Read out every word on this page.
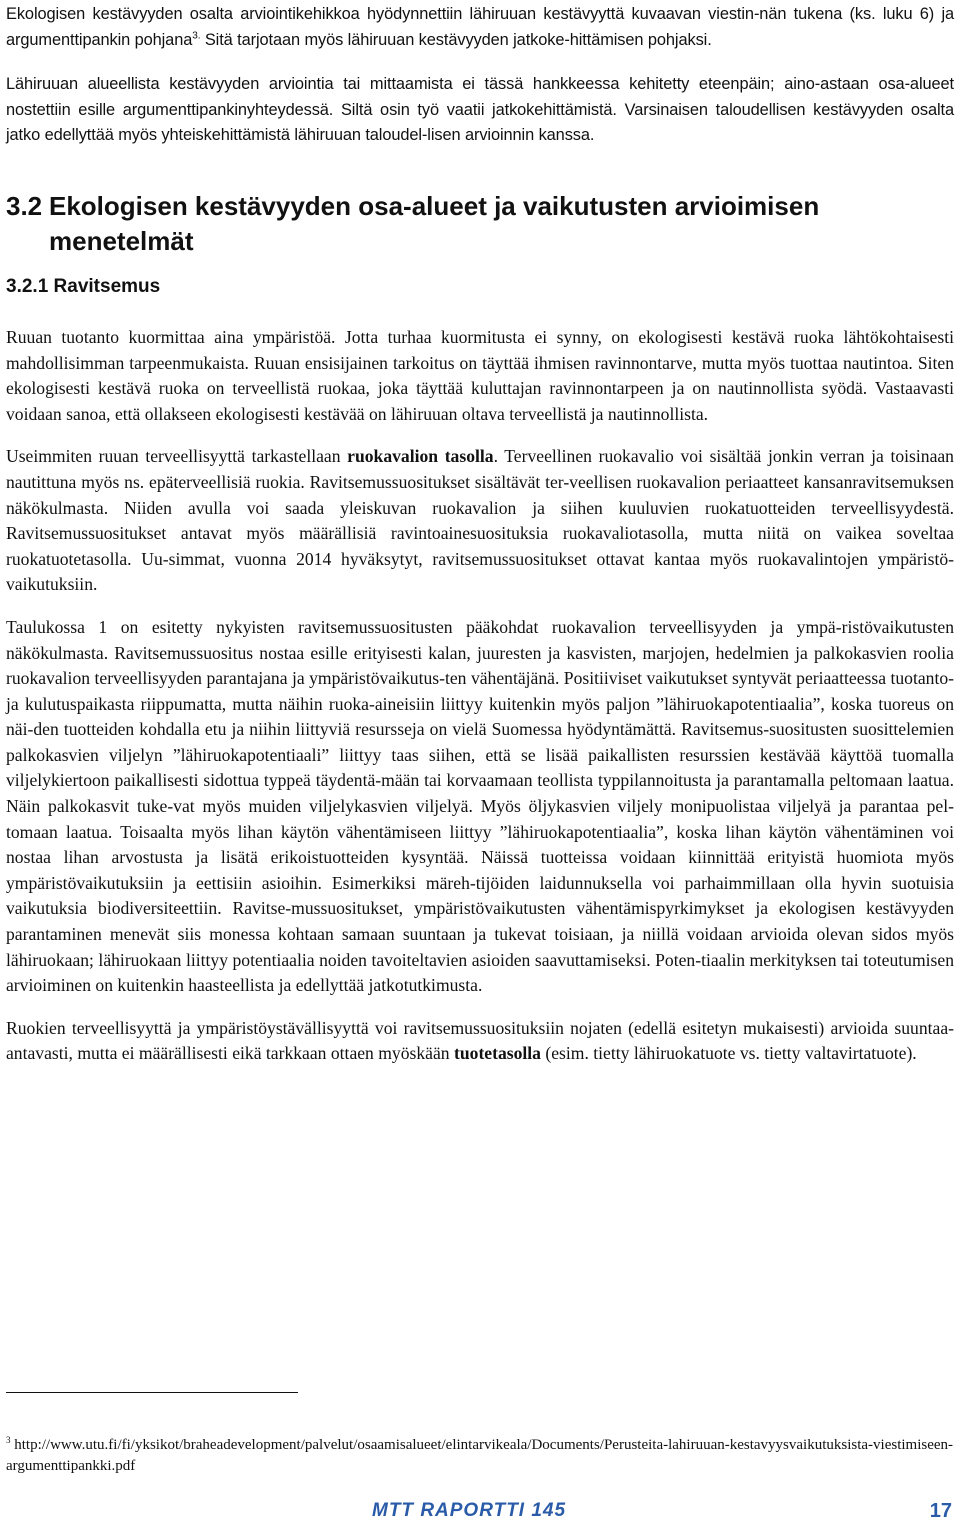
Ekologisen kestävyyden osalta arviointikehikkoa hyödynnettiin lähiruuan kestävyyttä kuvaavan viestin-nän tukena (ks. luku 6) ja argumenttipankin pohjana$^{3.}$ Sitä tarjotaan myös lähiruuan kestävyyden jatkoke-hittämisen pohjaksi.

Lähiruuan alueellista kestävyyden arviointia tai mittaamista ei tässä hankkeessa kehitetty eteenpäin; aino-astaan osa-alueet nostettiin esille argumenttipankinyhteydessä. Siltä osin työ vaatii jatkokehittämistä. Varsinaisen taloudellisen kestävyyden osalta jatko edellyttää myös yhteiskehittämistä lähiruuan taloudel-lisen arvioinnin kanssa.

3.2 Ekologisen kestävyyden osa-alueet ja vaikutusten arvioimisen
menetelmät
3.2.1 Ravitsemus

Ruuan tuotanto kuormittaa aina ympäristöä. Jotta turhaa kuormitusta ei synny, on ekologisesti kestävä ruoka lähtökohtaisesti mahdollisimman tarpeenmukaista. Ruuan ensisijainen tarkoitus on täyttää ihmisen ravinnontarve, mutta myös tuottaa nautintoa. Siten ekologisesti kestävä ruoka on terveellistä ruokaa, joka täyttää kuluttajan ravinnontarpeen ja on nautinnollista syödä. Vastaavasti voidaan sanoa, että ollakseen ekologisesti kestävää on lähiruuan oltava terveellistä ja nautinnollista.

Useimmiten ruuan terveellisyyttä tarkastellaan ruokavalion tasolla. Terveellinen ruokavalio voi sisältää jonkin verran ja toisinaan nautittuna myös ns. epäterveellisiä ruokia. Ravitsemussuositukset sisältävät ter-veellisen ruokavalion periaatteet kansanravitsemuksen näkökulmasta. Niiden avulla voi saada yleiskuvan ruokavalion ja siihen kuuluvien ruokatuotteiden terveellisyydestä. Ravitsemussuositukset antavat myös määrällisiä ravintoainesuosituksia ruokavaliotasolla, mutta niitä on vaikea soveltaa ruokatuotetasolla. Uu-simmat, vuonna 2014 hyväksytyt, ravitsemussuositukset ottavat kantaa myös ruokavalintojen ympäristö-vaikutuksiin.

Taulukossa 1 on esitetty nykyisten ravitsemussuositusten pääkohdat ruokavalion terveellisyyden ja ympä-ristövaikutusten näkökulmasta. Ravitsemussuositus nostaa esille erityisesti kalan, juuresten ja kasvisten, marjojen, hedelmien ja palkokasvien roolia ruokavalion terveellisyyden parantajana ja ympäristövaikutus-ten vähentäjänä. Positiiviset vaikutukset syntyvät periaatteessa tuotanto- ja kulutuspaikasta riippumatta, mutta näihin ruoka-aineisiin liittyy kuitenkin myös paljon ”lähiruokapotentiaalia”, koska tuoreus on näi-den tuotteiden kohdalla etu ja niihin liittyviä resursseja on vielä Suomessa hyödyntämättä. Ravitsemus-suositusten suosittelemien palkokasvien viljelyn ”lähiruokapotentiaali” liittyy taas siihen, että se lisää paikallisten resurssien kestävää käyttöä tuomalla viljelykiertoon paikallisesti sidottua typpeä täydentä-mään tai korvaamaan teollista typpilannoitusta ja parantamalla peltomaan laatua. Näin palkokasvit tuke-vat myös muiden viljelykasvien viljelyä. Myös öljykasvien viljely monipuolistaa viljelyä ja parantaa pel-tomaan laatua. Toisaalta myös lihan käytön vähentämiseen liittyy ”lähiruokapotentiaalia”, koska lihan käytön vähentäminen voi nostaa lihan arvostusta ja lisätä erikoistuotteiden kysyntää. Näissä tuotteissa voidaan kiinnittää erityistä huomiota myös ympäristövaikutuksiin ja eettisiin asioihin. Esimerkiksi märeh-tijöiden laidunnuksella voi parhaimmillaan olla hyvin suotuisia vaikutuksia biodiversiteettiin. Ravitse-mussuositukset, ympäristövaikutusten vähentämispyrkimykset ja ekologisen kestävyyden parantaminen menevät siis monessa kohtaan samaan suuntaan ja tukevat toisiaan, ja niillä voidaan arvioida olevan sidos myös lähiruokaan; lähiruokaan liittyy potentiaalia noiden tavoiteltavien asioiden saavuttamiseksi. Poten-tiaalin merkityksen tai toteutumisen arvioiminen on kuitenkin haasteellista ja edellyttää jatkotutkimusta.

Ruokien terveellisyyttä ja ympäristöystävällisyyttä voi ravitsemussuosituksiin nojaten (edellä esitetyn mukaisesti) arvioida suuntaa-antavasti, mutta ei määrällisesti eikä tarkkaan ottaen myöskään tuotetasolla (esim. tietty lähiruokatuote vs. tietty valtavirtatuote).

$^3$ http://www.utu.fi/fi/yksikot/braheadevelopment/palvelut/osaamisalueet/elintarvikeala/Documents/Perusteita-lahiruuan-kestavyysvaikutuksista-viestimiseen-argumenttipankki.pdf
MTT RAPORTTI 145	17
